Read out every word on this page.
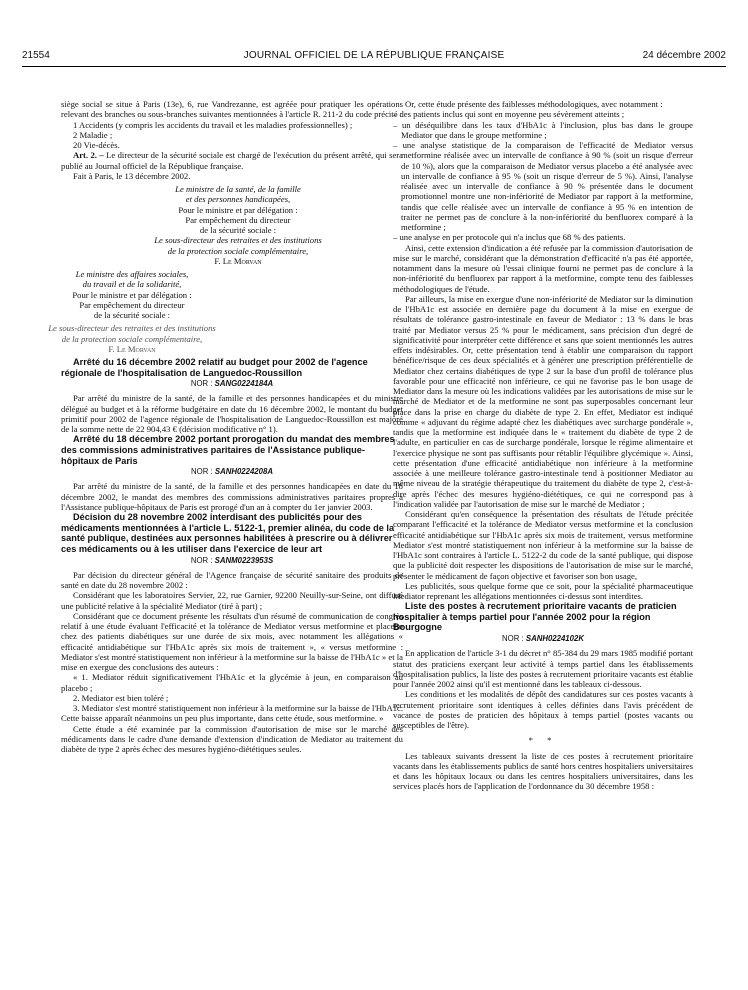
21554	JOURNAL OFFICIEL DE LA RÉPUBLIQUE FRANÇAISE	24 décembre 2002

siège social se situe à Paris (13e), 6, rue Vandrezanne, est agréée pour pratiquer les opérations relevant des branches ou sous-branches suivantes mentionnées à l'article R. 211-2 du code précité :

1 Accidents (y compris les accidents du travail et les maladies professionnelles) ;

2 Maladie ;

20 Vie-décès.

Art. 2. – Le directeur de la sécurité sociale est chargé de l'exécution du présent arrêté, qui sera publié au Journal officiel de la République française.

Fait à Paris, le 13 décembre 2002.

Le ministre de la santé, de la famille

et des personnes handicapées,

Pour le ministre et par délégation :

Par empêchement du directeur

de la sécurité sociale :

Le sous-directeur des retraites et des institutions

de la protection sociale complémentaire,

F. Le Morvan

Le ministre des affaires sociales,

du travail et de la solidarité,

Pour le ministre et par délégation :

Par empêchement du directeur

de la sécurité sociale :

Le sous-directeur des retraites et des institutions

de la protection sociale complémentaire,

F. Le Morvan

Arrêté du 16 décembre 2002 relatif au budget pour 2002 de l'agence régionale de l'hospitalisation de Languedoc-Roussillon

NOR : SANG0224184A

Par arrêté du ministre de la santé, de la famille et des personnes handicapées et du ministre délégué au budget et à la réforme budgétaire en date du 16 décembre 2002, le montant du budget primitif pour 2002 de l'agence régionale de l'hospitalisation de Languedoc-Roussillon est majoré de la somme nette de 22 904,43 € (décision modificative n° 1).

Arrêté du 18 décembre 2002 portant prorogation du mandat des membres des commissions administratives paritaires de l'Assistance publique-hôpitaux de Paris

NOR : SANH0224208A

Par arrêté du ministre de la santé, de la famille et des personnes handicapées en date du 18 décembre 2002, le mandat des membres des commissions administratives paritaires propres à l'Assistance publique-hôpitaux de Paris est prorogé d'un an à compter du 1er janvier 2003.

Décision du 28 novembre 2002 interdisant des publicités pour des médicaments mentionnées à l'article L. 5122-1, premier alinéa, du code de la santé publique, destinées aux personnes habilitées à prescrire ou à délivrer ces médicaments ou à les utiliser dans l'exercice de leur art

NOR : SANM0223953S

Par décision du directeur général de l'Agence française de sécurité sanitaire des produits de santé en date du 28 novembre 2002 :

Considérant que les laboratoires Servier, 22, rue Garnier, 92200 Neuilly-sur-Seine, ont diffusé une publicité relative à la spécialité Mediator (tiré à part) ;

Considérant que ce document présente les résultats d'un résumé de communication de congrès relatif à une étude évaluant l'efficacité et la tolérance de Mediator versus metformine et placebo chez des patients diabétiques sur une durée de six mois, avec notamment les allégations « efficacité antidiabétique sur l'HbA1c après six mois de traitement », « versus metformine : Mediator s'est montré statistiquement non inférieur à la metformine sur la baisse de l'HbA1c » et la mise en exergue des conclusions des auteurs :

« 1. Mediator réduit significativement l'HbA1c et la glycémie à jeun, en comparaison au placebo ;

2. Mediator est bien toléré ;

3. Mediator s'est montré statistiquement non inférieur à la metformine sur la baisse de l'HbA1c. Cette baisse apparaît néanmoins un peu plus importante, dans cette étude, sous metformine. »

Cette étude a été examinée par la commission d'autorisation de mise sur le marché des médicaments dans le cadre d'une demande d'extension d'indication de Mediator au traitement du diabète de type 2 après échec des mesures hygiéno-diététiques seules.

Or, cette étude présente des faiblesses méthodologiques, avec notamment :

– des patients inclus qui sont en moyenne peu sévèrement atteints ;

– un déséquilibre dans les taux d'HbA1c à l'inclusion, plus bas dans le groupe Mediator que dans le groupe metformine ;

– une analyse statistique de la comparaison de l'efficacité de Mediator versus metformine réalisée avec un intervalle de confiance à 90 % (soit un risque d'erreur de 10 %), alors que la comparaison de Mediator versus placebo a été analysée avec un intervalle de confiance à 95 % (soit un risque d'erreur de 5 %). Ainsi, l'analyse réalisée avec un intervalle de confiance à 90 % présentée dans le document promotionnel montre une non-infériorité de Mediator par rapport à la metformine, tandis que celle réalisée avec un intervalle de confiance à 95 % en intention de traiter ne permet pas de conclure à la non-infériorité du benfluorex comparé à la metformine ;

– une analyse en per protocole qui n'a inclus que 68 % des patients.

Ainsi, cette extension d'indication a été refusée par la commission d'autorisation de mise sur le marché, considérant que la démonstration d'efficacité n'a pas été apportée, notamment dans la mesure où l'essai clinique fourni ne permet pas de conclure à la non-infériorité du benfluorex par rapport à la metformine, compte tenu des faiblesses méthodologiques de l'étude.

Par ailleurs, la mise en exergue d'une non-infériorité de Mediator sur la diminution de l'HbA1c est associée en dernière page du document à la mise en exergue de résultats de tolérance gastro-intestinale en faveur de Mediator : 13 % dans le bras traité par Mediator versus 25 % pour le médicament, sans précision d'un degré de significativité pour interpréter cette différence et sans que soient mentionnés les autres effets indésirables. Or, cette présentation tend à établir une comparaison du rapport bénéfice/risque de ces deux spécialités et à générer une prescription préférentielle de Mediator chez certains diabétiques de type 2 sur la base d'un profil de tolérance plus favorable pour une efficacité non inférieure, ce qui ne favorise pas le bon usage de Mediator dans la mesure où les indications validées par les autorisations de mise sur le marché de Mediator et de la metformine ne sont pas superposables concernant leur place dans la prise en charge du diabète de type 2. En effet, Mediator est indiqué comme « adjuvant du régime adapté chez les diabétiques avec surcharge pondérale », tandis que la metformine est indiquée dans le « traitement du diabète de type 2 de l'adulte, en particulier en cas de surcharge pondérale, lorsque le régime alimentaire et l'exercice physique ne sont pas suffisants pour rétablir l'équilibre glycémique ». Ainsi, cette présentation d'une efficacité antidiabétique non inférieure à la metformine associée à une meilleure tolérance gastro-intestinale tend à positionner Mediator au même niveau de la stratégie thérapeutique du traitement du diabète de type 2, c'est-à-dire après l'échec des mesures hygiéno-diététiques, ce qui ne correspond pas à l'indication validée par l'autorisation de mise sur le marché de Mediator ;

Considérant qu'en conséquence la présentation des résultats de l'étude précitée comparant l'efficacité et la tolérance de Mediator versus metformine et la conclusion efficacité antidiabétique sur l'HbA1c après six mois de traitement, versus metformine Mediator s'est montré statistiquement non inférieur à la metformine sur la baisse de l'HbA1c sont contraires à l'article L. 5122-2 du code de la santé publique, qui dispose que la publicité doit respecter les dispositions de l'autorisation de mise sur le marché, présenter le médicament de façon objective et favoriser son bon usage,

Les publicités, sous quelque forme que ce soit, pour la spécialité pharmaceutique Mediator reprenant les allégations mentionnées ci-dessus sont interdites.

Liste des postes à recrutement prioritaire vacants de praticien hospitalier à temps partiel pour l'année 2002 pour la région Bourgogne

NOR : SANH0224102K

En application de l'article 3-1 du décret n° 85-384 du 29 mars 1985 modifié portant statut des praticiens exerçant leur activité à temps partiel dans les établissements d'hospitalisation publics, la liste des postes à recrutement prioritaire vacants est établie pour l'année 2002 ainsi qu'il est mentionné dans les tableaux ci-dessous.

Les conditions et les modalités de dépôt des candidatures sur ces postes vacants à recrutement prioritaire sont identiques à celles définies dans l'avis précédent de vacance de postes de praticien des hôpitaux à temps partiel (postes vacants ou susceptibles de l'être).

* *

Les tableaux suivants dressent la liste de ces postes à recrutement prioritaire vacants dans les établissements publics de santé hors centres hospitaliers universitaires et dans les hôpitaux locaux ou dans les centres hospitaliers universitaires, dans les services placés hors de l'application de l'ordonnance du 30 décembre 1958 :
